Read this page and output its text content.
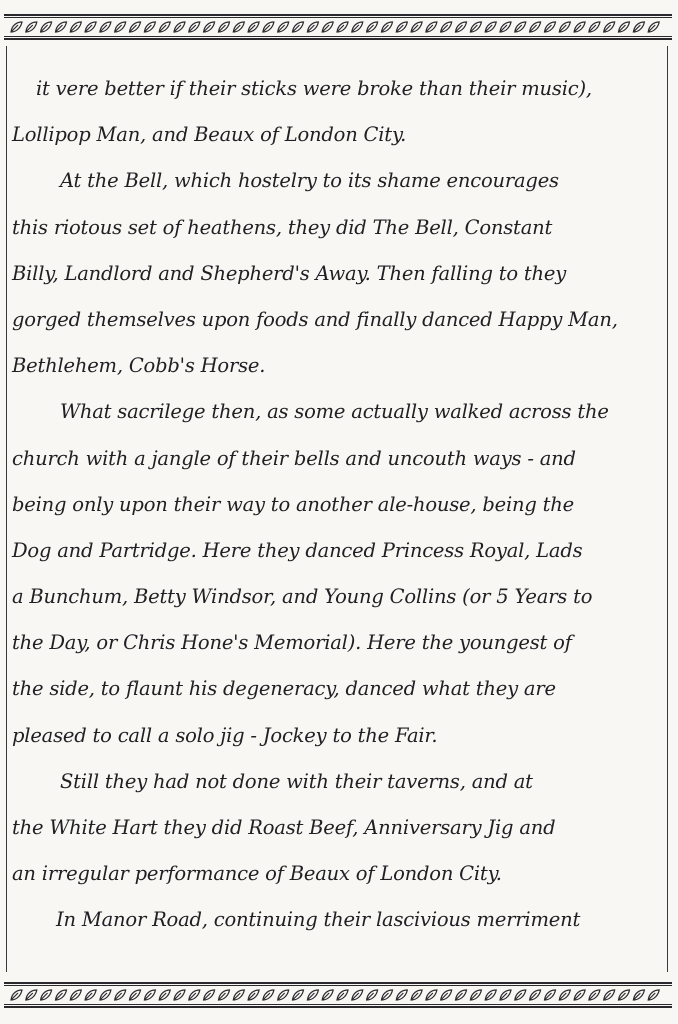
it vere better if their sticks were broke than their music),
Lollipop Man, and Beaux of London City.
At the Bell, which hostelry to its shame encourages
this riotous set of heathens, they did The Bell, Constant
Billy, Landlord and Shepherd's Away. Then falling to they
gorged themselves upon foods and finally danced Happy Man,
Bethlehem, Cobb's Horse.
What sacrilege then, as some actually walked across the
church with a jangle of their bells and uncouth ways - and
being only upon their way to another ale-house, being the
Dog and Partridge. Here they danced Princess Royal, Lads
a Bunchum, Betty Windsor, and Young Collins (or 5 Years to
the Day, or Chris Hone's Memorial). Here the youngest of
the side, to flaunt his degeneracy, danced what they are
pleased to call a solo jig - Jockey to the Fair.
Still they had not done with their taverns, and at
the White Hart they did Roast Beef, Anniversary Jig and
an irregular performance of Beaux of London City.
In Manor Road, continuing their lascivious merriment
